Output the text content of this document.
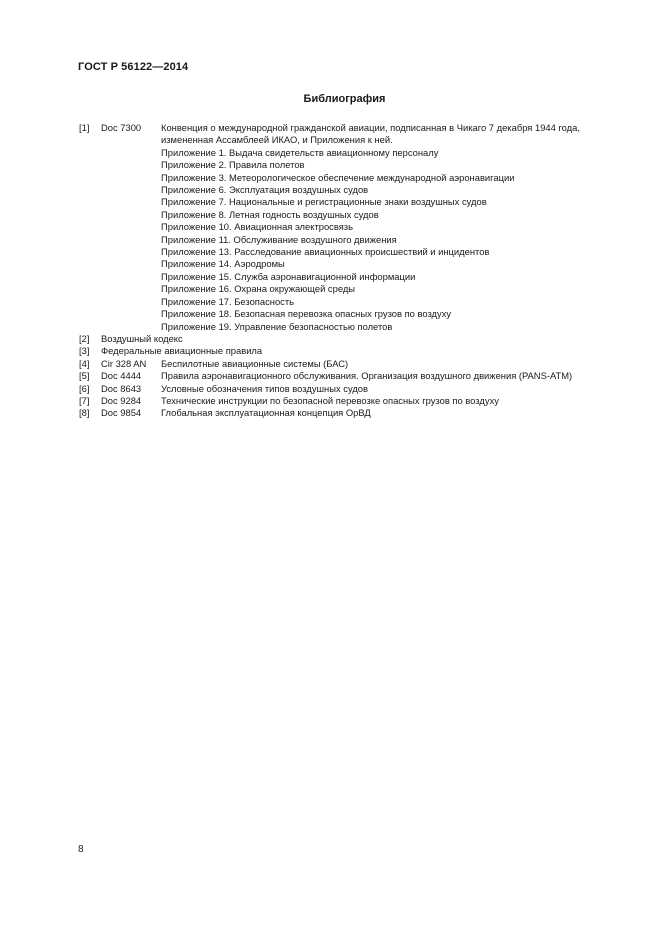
ГОСТ Р 56122—2014
Библиография
[1]	Doc 7300	Конвенция о международной гражданской авиации, подписанная в Чикаго 7 декабря 1944 года, измененная Ассамблеей ИКАО, и Приложения к ней.
Приложение 1. Выдача свидетельств авиационному персоналу
Приложение 2. Правила полетов
Приложение 3. Метеорологическое обеспечение международной аэронавигации
Приложение 6. Эксплуатация воздушных судов
Приложение 7. Национальные и регистрационные знаки воздушных судов
Приложение 8. Летная годность воздушных судов
Приложение 10. Авиационная электросвязь
Приложение 11. Обслуживание воздушного движения
Приложение 13. Расследование авиационных происшествий и инцидентов
Приложение 14. Аэродромы
Приложение 15. Служба аэронавигационной информации
Приложение 16. Охрана окружающей среды
Приложение 17. Безопасность
Приложение 18. Безопасная перевозка опасных грузов по воздуху
Приложение 19. Управление безопасностью полетов
[2]	Воздушный кодекс
[3]	Федеральные авиационные правила
[4]	Cir 328 AN	Беспилотные авиационные системы (БАС)
[5]	Doc 4444	Правила аэронавигационного обслуживания. Организация воздушного движения (PANS-ATM)
[6]	Doc 8643	Условные обозначения типов воздушных судов
[7]	Doc 9284	Технические инструкции по безопасной перевозке опасных грузов по воздуху
[8]	Doc 9854	Глобальная эксплуатационная концепция ОрВД
8
